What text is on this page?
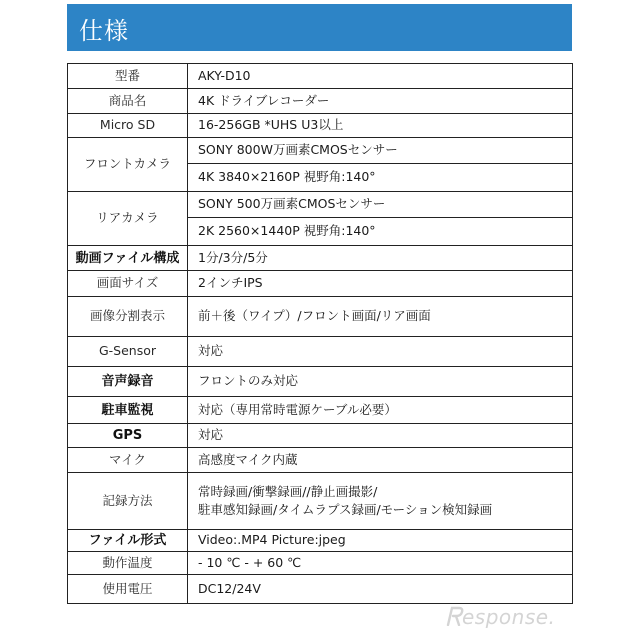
仕様
型番	AKY-D10
商品名	4K ドライブレコーダー
Micro SD	16-256GB *UHS U3以上
フロントカメラ	SONY 800W万画素CMOSセンサー
	4K 3840×2160P 視野角:140°
リアカメラ	SONY 500万画素CMOSセンサー
	2K 2560×1440P 視野角:140°
動画ファイル構成	1分/3分/5分
画面サイズ	2インチIPS
画像分割表示	前＋後（ワイプ）/フロント画面/リア画面
G-Sensor	対応
音声録音	フロントのみ対応
駐車監視	対応（専用常時電源ケーブル必要）
GPS	対応
マイク	高感度マイク内蔵
記録方法	常時録画/衝撃録画//静止画撮影/
駐車感知録画/タイムラプス録画/モーション検知録画

ファイル形式	Video:.MP4 Picture:jpeg
動作温度	- 10 ℃ - + 60 ℃
使用電圧	DC12/24V
esponse.
